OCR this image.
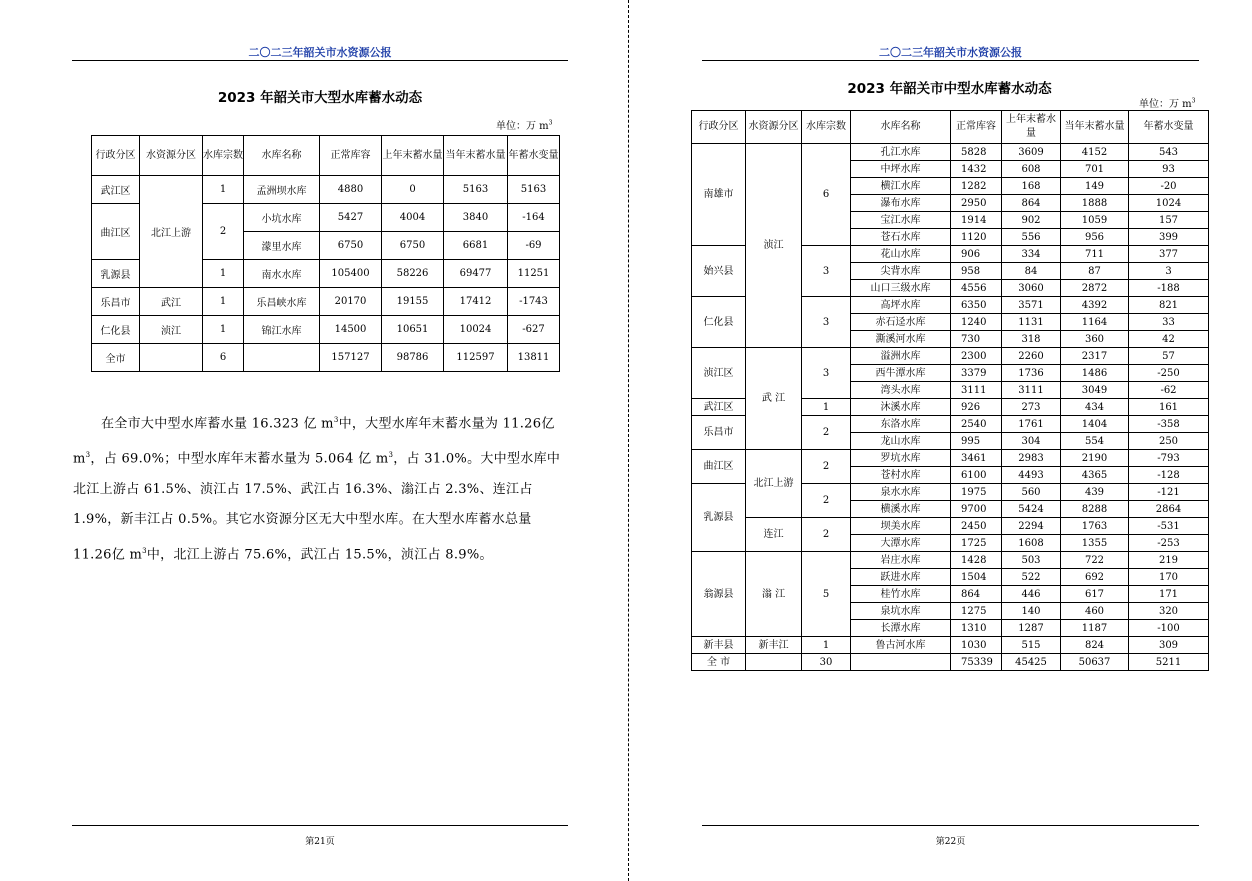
二〇二三年韶关市水资源公报
2023 年韶关市大型水库蓄水动态
单位：万 $m^3$
行政分区	水资源分区	水库宗数	水库名称	正常库容	上年末蓄水量	当年末蓄水量	年蓄水变量
武江区	北江上游	1	孟洲坝水库	4880	0	5163	5163
曲江区		2	小坑水库	5427	4004	3840	-164
			濛里水库	6750	6750	6681	-69
乳源县		1	南水水库	105400	58226	69477	11251
乐昌市	武江	1	乐昌峡水库	20170	19155	17412	-1743
仁化县	浈江	1	锦江水库	14500	10651	10024	-627
全市		6		157127	98786	112597	13811
在全市大中型水库蓄水量 16.323 亿 $m^3$中，大型水库年末蓄水量为 11.26亿 $m^3$，占 69.0%；中型水库年末蓄水量为 5.064 亿 $m^3$，占 31.0%。大中型水库中北江上游占 61.5%、浈江占 17.5%、武江占 16.3%、滃江占 2.3%、连江占 1.9%，新丰江占 0.5%。其它水资源分区无大中型水库。在大型水库蓄水总量 11.26亿 $m^3$中，北江上游占 75.6%，武江占 15.5%，浈江占 8.9%。
第21页
二〇二三年韶关市水资源公报
2023 年韶关市中型水库蓄水动态
单位：万 $m^3$
行政分区	水资源分区	水库宗数	水库名称	正常库容	上年末蓄水量	当年末蓄水量	年蓄水变量
南雄市	浈江	6	孔江水库	5828	3609	4152	543
			中坪水库	1432	608	701	93
			横江水库	1282	168	149	-20
			瀑布水库	2950	864	1888	1024
			宝江水库	1914	902	1059	157
			苍石水库	1120	556	956	399
始兴县		3	花山水库	906	334	711	377
			尖背水库	958	84	87	3
			山口三级水库	4556	3060	2872	-188
仁化县		3	高坪水库	6350	3571	4392	821
			赤石迳水库	1240	1131	1164	33
			澌溪河水库	730	318	360	42
浈江区	武 江	3	溢洲水库	2300	2260	2317	57
			西牛潭水库	3379	1736	1486	-250
			湾头水库	3111	3111	3049	-62
武江区		1	沐溪水库	926	273	434	161
乐昌市		2	东洛水库	2540	1761	1404	-358
			龙山水库	995	304	554	250
曲江区	北江上游	2	罗坑水库	3461	2983	2190	-793
			苍村水库	6100	4493	4365	-128
乳源县		2	泉水水库	1975	560	439	-121
			横溪水库	9700	5424	8288	2864
	连江	2	坝美水库	2450	2294	1763	-531
			大潭水库	1725	1608	1355	-253
翁源县	滃 江	5	岩庄水库	1428	503	722	219
			跃进水库	1504	522	692	170
			桂竹水库	864	446	617	171
			泉坑水库	1275	140	460	320
			长潭水库	1310	1287	1187	-100
新丰县	新丰江	1	鲁古河水库	1030	515	824	309
全 市		30		75339	45425	50637	5211
第22页
